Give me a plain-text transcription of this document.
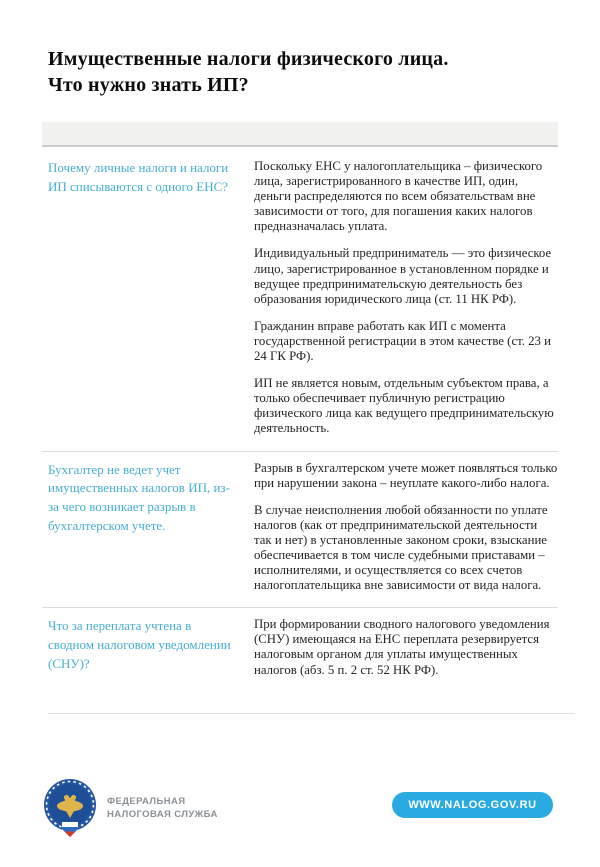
Имущественные налоги физического лица.
Что нужно знать ИП?
Почему личные налоги и налоги ИП списываются с одного ЕНС?

Поскольку ЕНС у налогоплательщика – физического лица, зарегистрированного в качестве ИП, один, деньги распределяются по всем обязательствам вне зависимости от того, для погашения каких налогов предназначалась уплата.

Индивидуальный предприниматель — это физическое лицо, зарегистрированное в установленном порядке и ведущее предпринимательскую деятельность без образования юридического лица (ст. 11 НК РФ).

Гражданин вправе работать как ИП с момента государственной регистрации в этом качестве (ст. 23 и 24 ГК РФ).

ИП не является новым, отдельным субъектом права, а только обеспечивает публичную регистрацию физического лица как ведущего предпринимательскую деятельность.

Бухгалтер не ведет учет имущественных налогов ИП, из-за чего возникает разрыв в бухгалтерском учете.

Разрыв в бухгалтерском учете может появляться только при нарушении закона – неуплате какого-либо налога.

В случае неисполнения любой обязанности по уплате налогов (как от предпринимательской деятельности так и нет) в установленные законом сроки, взыскание обеспечивается в том числе судебными приставами – исполнителями, и осуществляется со всех счетов налогоплательщика вне зависимости от вида налога.

Что за переплата учтена в сводном налоговом уведомлении (СНУ)?

При формировании сводного налогового уведомления (СНУ) имеющаяся на ЕНС переплата резервируется налоговым органом для уплаты имущественных налогов (абз. 5 п. 2 ст. 52 НК РФ).

ФЕДЕРАЛЬНАЯ
НАЛОГОВАЯ СЛУЖБА
WWW.NALOG.GOV.RU
